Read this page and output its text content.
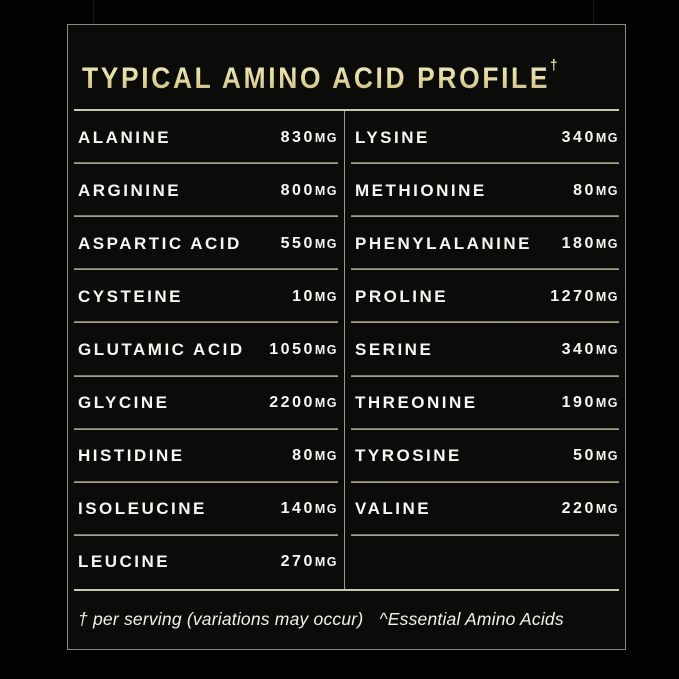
TYPICAL AMINO ACID PROFILE†
ALANINE	830MG
ARGININE	800MG
ASPARTIC ACID 550MG
CYSTEINE	10MG
GLUTAMIC ACID 1050MG
GLYCINE	2200MG
HISTIDINE	80MG
ISOLEUCINE	140MG
LEUCINE	270MG
LYSINE	340MG
METHIONINE	80MG
PHENYLALANINE 180MG
PROLINE	1270MG
SERINE	340MG
THREONINE	190MG
TYROSINE	50MG
VALINE	220MG
† per serving (variations may occur) ^Essential Amino Acids
